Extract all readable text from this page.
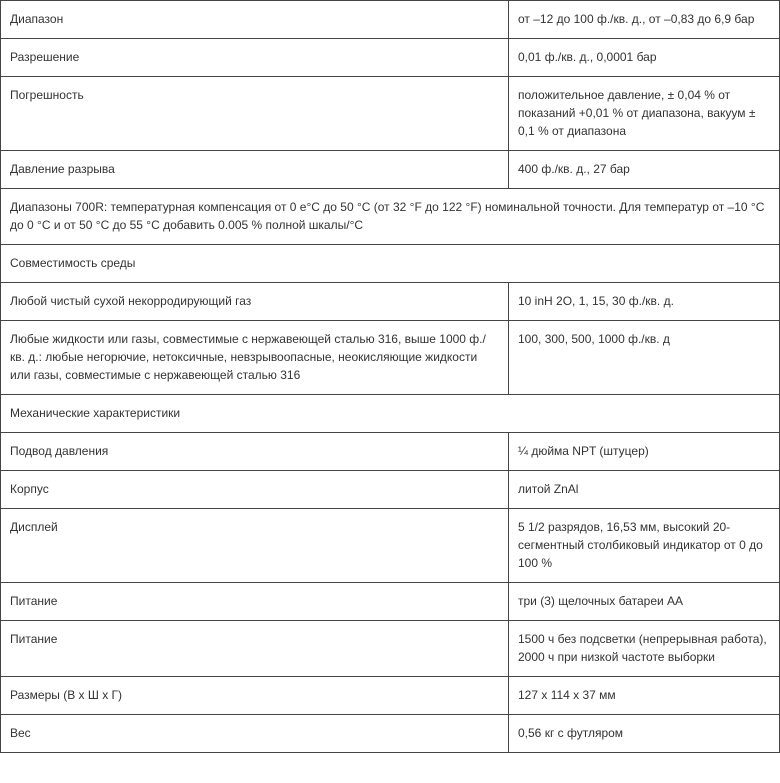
Диапазон	от –12 до 100 ф./кв. д., от –0,83 до 6,9 бар
Разрешение	0,01 ф./кв. д., 0,0001 бар
Погрешность	положительное давление, ± 0,04 % от показаний +0,01 % от диапазона, вакуум ± 0,1 % от диапазона
Давление разрыва	400 ф./кв. д., 27 бар
Диапазоны 700R: температурная компенсация от 0 е°C до 50 °C (от 32 °F до 122 °F) номинальной точности. Для температур от –10 °C до 0 °C и от 50 °C до 55 °C добавить 0.005 % полной шкалы/°C	
Совместимость среды	
Любой чистый сухой некорродирующий газ	10 inH 2O, 1, 15, 30 ф./кв. д.
Любые жидкости или газы, совместимые с нержавеющей сталью 316, выше 1000 ф./кв. д.: любые негорючие, нетоксичные, невзрывоопасные, неокисляющие жидкости или газы, совместимые с нержавеющей сталью 316	100, 300, 500, 1000 ф./кв. д
Механические характеристики	
Подвод давления	¼ дюйма NPT (штуцер)
Корпус	литой ZnAl
Дисплей	5 1/2 разрядов, 16,53 мм, высокий 20-сегментный столбиковый индикатор от 0 до 100 %
Питание	три (3) щелочных батареи AA
Питание	1500 ч без подсветки (непрерывная работа), 2000 ч при низкой частоте выборки
Размеры (В x Ш x Г)	127 x 114 x 37 мм
Вес	0,56 кг с футляром
